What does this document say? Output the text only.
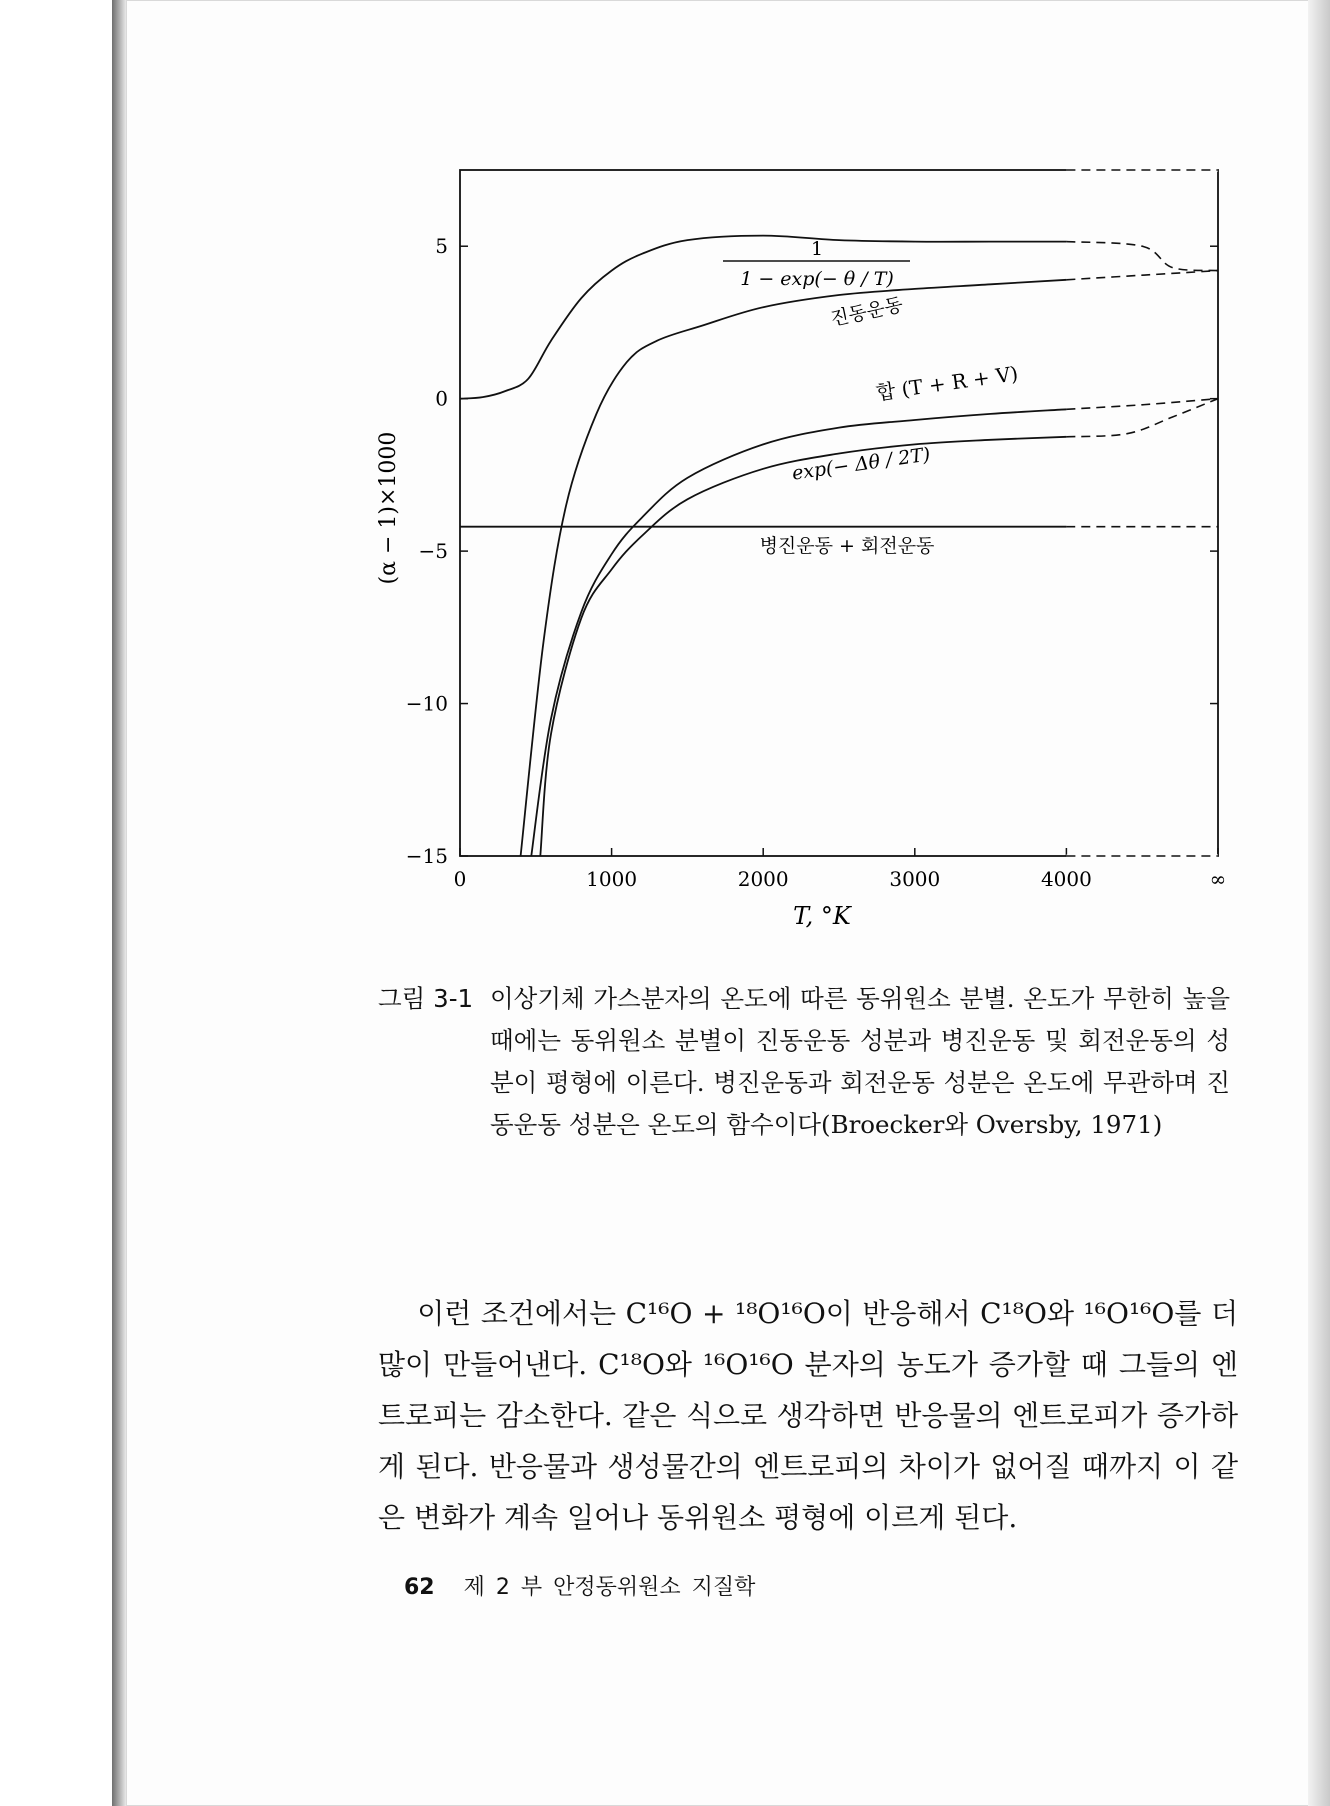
0	1000	2000	3000	4000	∞
5
0
−5
−10
−15
(α − 1)×1000
T, °K
1
1 − exp(− θ / T)
진동운동
합 (T + R + V)
exp(− Δθ / 2T)
병진운동 + 회전운동
그림 3-1 이상기체 가스분자의 온도에 따른 동위원소 분별. 온도가 무한히 높을 때에는 동위원소 분별이 진동운동 성분과 병진운동 및 회전운동의 성분이 평형에 이른다. 병진운동과 회전운동 성분은 온도에 무관하며 진동운동 성분은 온도의 함수이다(Broecker와 Oversby, 1971)

이런 조건에서는 C¹⁶O + ¹⁸O¹⁶O이 반응해서 C¹⁸O와 ¹⁶O¹⁶O를 더 많이 만들어낸다. C¹⁸O와 ¹⁶O¹⁶O 분자의 농도가 증가할 때 그들의 엔트로피는 감소한다. 같은 식으로 생각하면 반응물의 엔트로피가 증가하게 된다. 반응물과 생성물간의 엔트로피의 차이가 없어질 때까지 이 같은 변화가 계속 일어나 동위원소 평형에 이르게 된다.

62 제 2 부 안정동위원소 지질학
